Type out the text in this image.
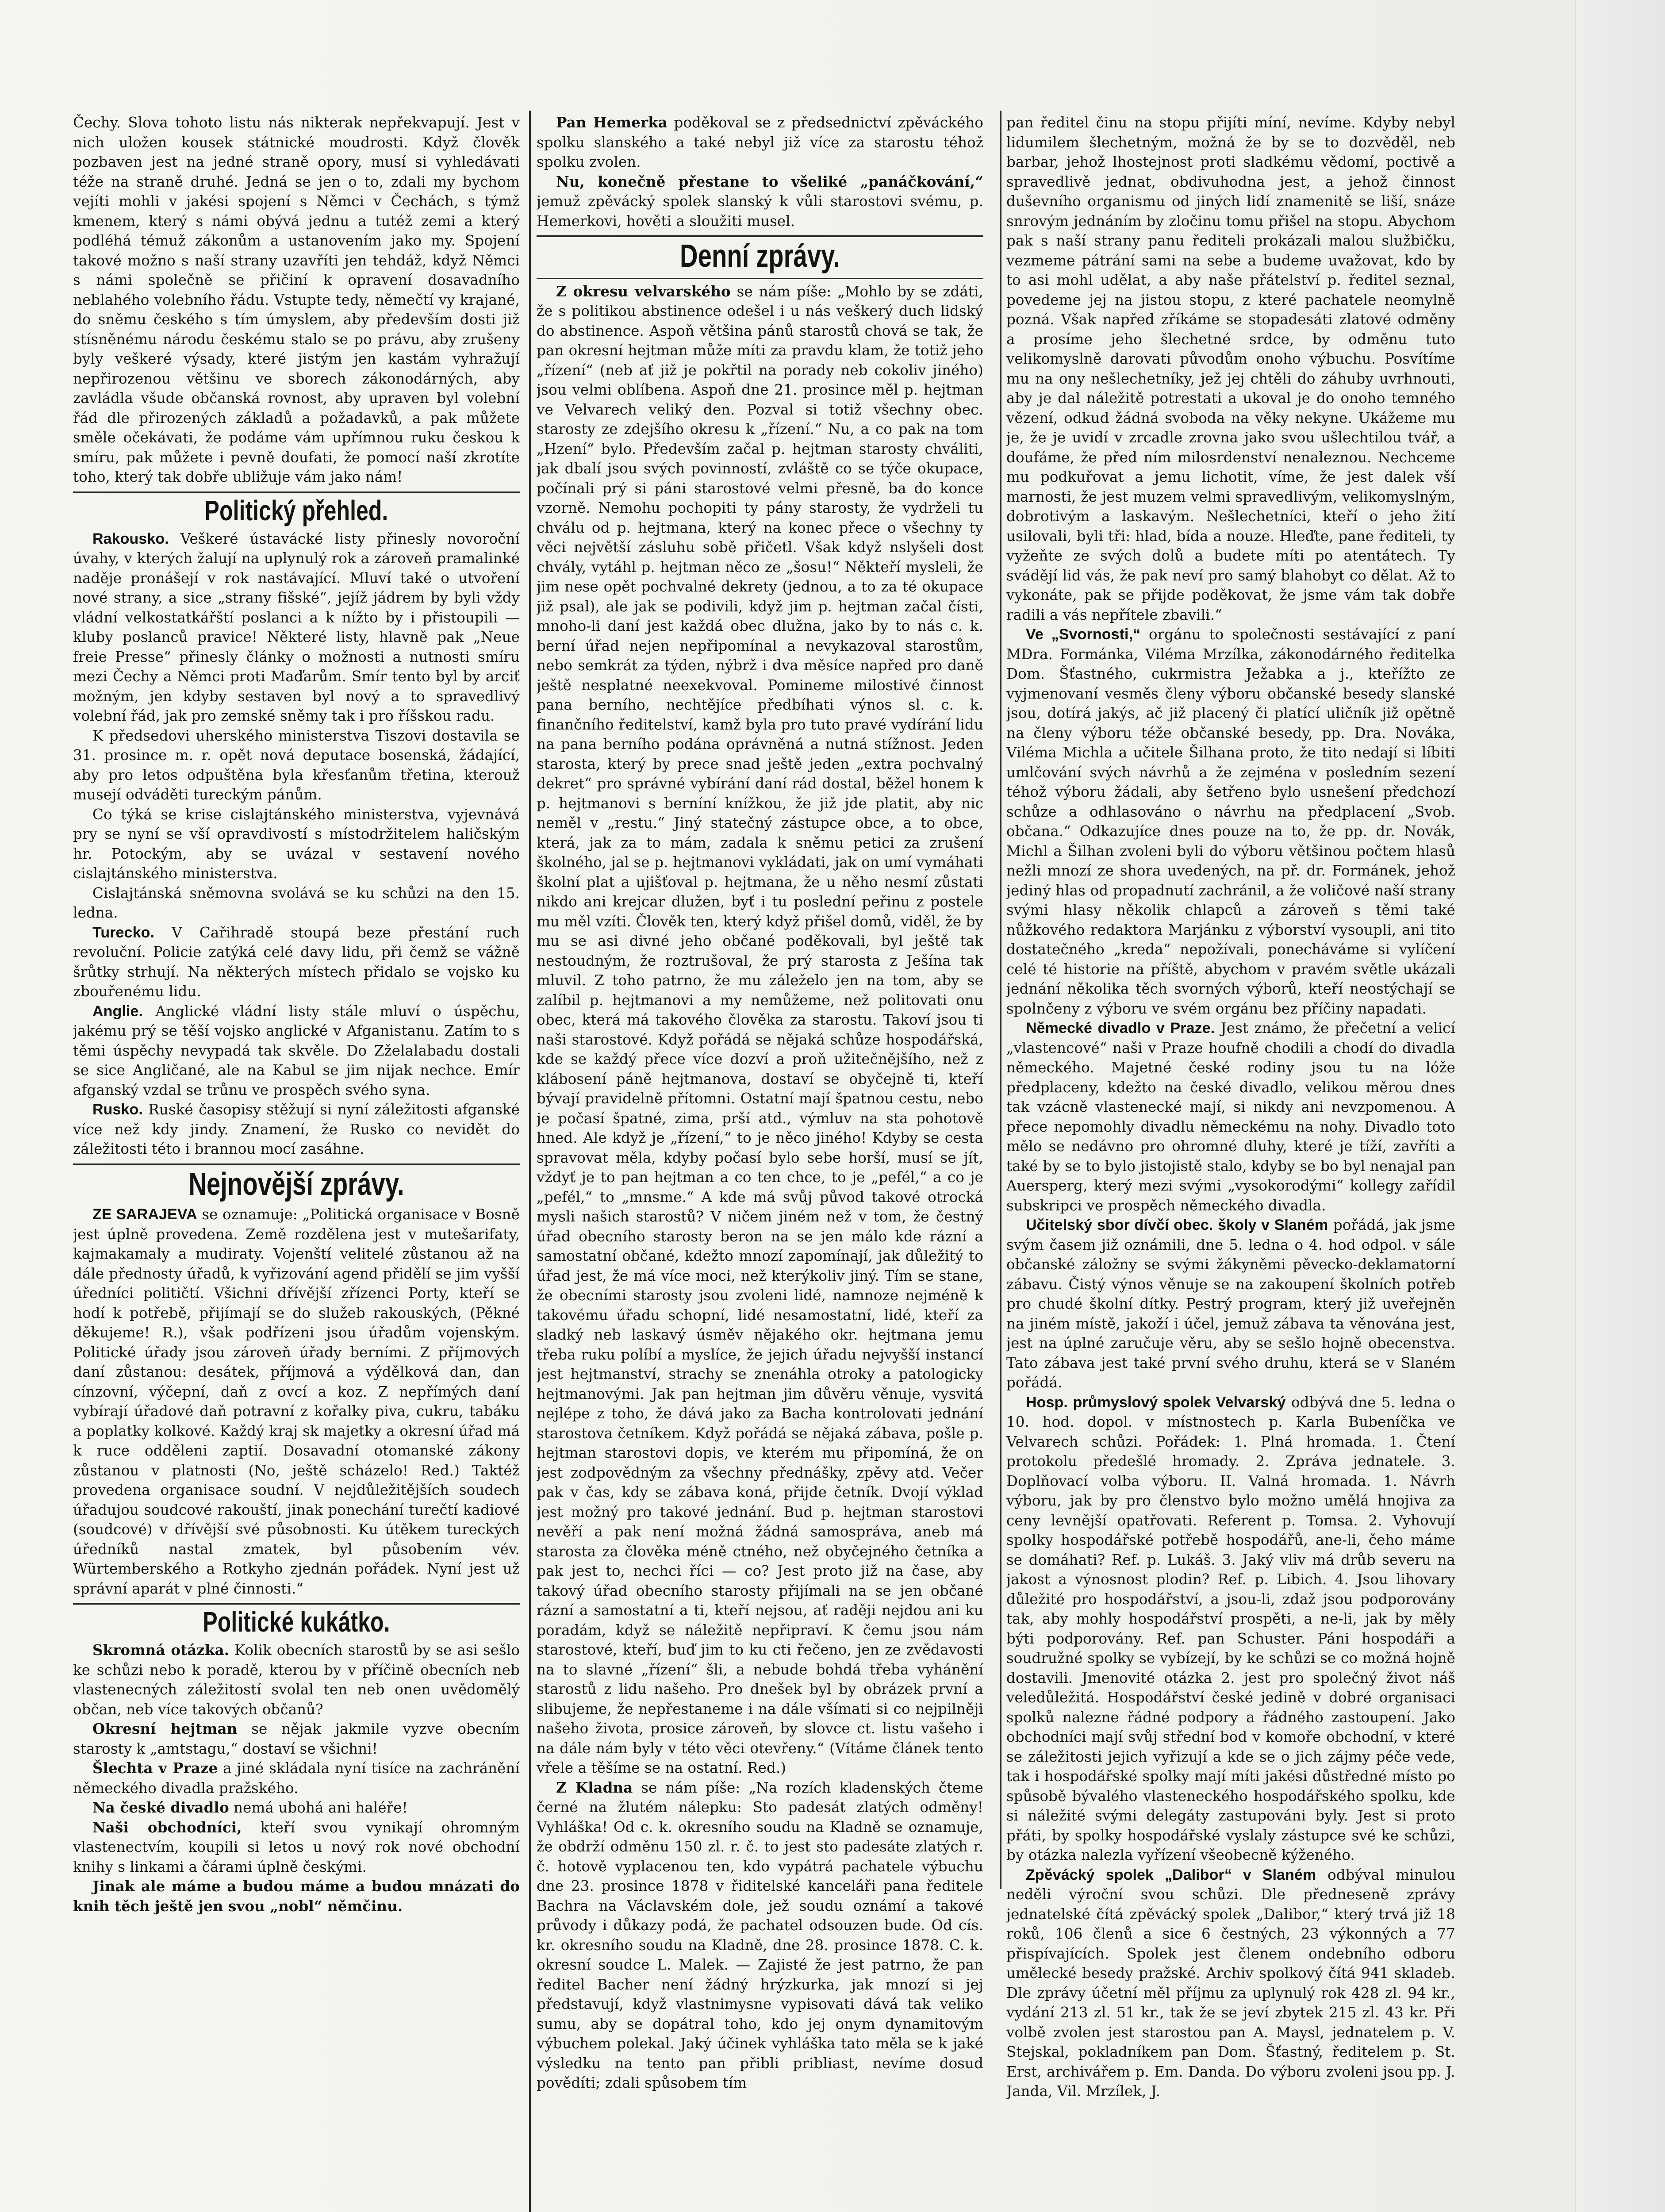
Čechy. Slova tohoto listu nás nikterak nepřekvapují. Jest v nich uložen kousek státnické moudrosti. Když člověk pozbaven jest na jedné straně opory, musí si vyhledávati téže na straně druhé. Jedná se jen o to, zdali my bychom vejíti mohli v jakési spojení s Němci v Čechách, s týmž kmenem, který s námi obývá jednu a tutéž zemi a který podléhá témuž zákonům a ustanovením jako my. Spojení takové možno s naší strany uzavříti jen tehdáž, když Němci s námi společně se přičiní k opravení dosavadního neblahého volebního řádu. Vstupte tedy, němečtí vy krajané, do sněmu českého s tím úmyslem, aby především dosti již stísněnému národu českému stalo se po právu, aby zrušeny byly veškeré výsady, které jistým jen kastám vyhražují nepřirozenou většinu ve sborech zákonodárných, aby zavládla všude občanská rovnost, aby upraven byl volební řád dle přirozených základů a požadavků, a pak můžete směle očekávati, že podáme vám upřímnou ruku českou k smíru, pak můžete i pevně doufati, že pomocí naší zkrotíte toho, který tak dobře ubližuje vám jako nám!

Politický přehled.

Rakousko. Veškeré ústavácké listy přinesly novoroční úvahy, v kterých žalují na uplynulý rok a zároveň pramalinké naděje pronášejí v rok nastávající. Mluví také o utvoření nové strany, a sice „strany fišské“, jejíž jádrem by byli vždy vládní velkostatkářští poslanci a k nížto by i přistoupili — kluby poslanců pravice! Některé listy, hlavně pak „Neue freie Presse“ přinesly články o možnosti a nutnosti smíru mezi Čechy a Němci proti Maďarům. Smír tento byl by arciť možným, jen kdyby sestaven byl nový a to spravedlivý volební řád, jak pro zemské sněmy tak i pro říšskou radu.

K předsedovi uherského ministerstva Tiszovi dostavila se 31. prosince m. r. opět nová deputace bosenská, žádající, aby pro letos odpuštěna byla křesťanům třetina, kterouž musejí odváděti tureckým pánům.

Co týká se krise cislajtánského ministerstva, vyjevnává pry se nyní se vší opravdivostí s místodržitelem haličským hr. Potockým, aby se uvázal v sestavení nového cislajtánského ministerstva.

Cislajtánská sněmovna svolává se ku schůzi na den 15. ledna.

Turecko. V Cařihradě stoupá beze přestání ruch revoluční. Policie zatýká celé davy lidu, při čemž se vážně šrůtky strhují. Na některých místech přidalo se vojsko ku zbouřenému lidu.

Anglie. Anglické vládní listy stále mluví o úspěchu, jakému prý se těší vojsko anglické v Afganistanu. Zatím to s těmi úspěchy nevypadá tak skvěle. Do Zželalabadu dostali se sice Angličané, ale na Kabul se jim nijak nechce. Emír afganský vzdal se trůnu ve prospěch svého syna.

Rusko. Ruské časopisy stěžují si nyní záležitosti afganské více než kdy jindy. Znamení, že Rusko co nevidět do záležitosti této i brannou mocí zasáhne.

Nejnovější zprávy.

ZE SARAJEVA se oznamuje: „Politická organisace v Bosně jest úplně provedena. Země rozdělena jest v mutešarifaty, kajmakamaly a mudiraty. Vojenští velitelé zůstanou až na dále přednosty úřadů, k vyřizování agend přidělí se jim vyšší úředníci političtí. Všichni dřívější zřízenci Porty, kteří se hodí k potřebě, přijímají se do služeb rakouských, (Pěkné děkujeme! R.), však podřízeni jsou úřadům vojenským. Politické úřady jsou zároveň úřady berními. Z příjmových daní zůstanou: desátek, příjmová a výdělková dan, dan cínzovní, výčepní, daň z ovcí a koz. Z nepřímých daní vybírají úřadové daň potravní z kořalky piva, cukru, tabáku a poplatky kolkové. Každý kraj sk majetky a okresní úřad má k ruce odděleni zaptií. Dosavadní otomanské zákony zůstanou v platnosti (No, ještě scházelo! Red.) Taktéž provedena organisace soudní. V nejdůležitějších soudech úřadujou soudcové rakouští, jinak ponechání turečtí kadiové (soudcové) v dřívější své působnosti. Ku útěkem tureckých úředníků nastal zmatek, byl působením vév. Würtemberského a Rotkyho zjednán pořádek. Nyní jest už správní aparát v plné činnosti.“

Politické kukátko.

Skromná otázka. Kolik obecních starostů by se asi sešlo ke schůzi nebo k poradě, kterou by v příčině obecních neb vlastenecných záležitostí svolal ten neb onen uvědomělý občan, neb více takových občanů?

Okresní hejtman se nějak jakmile vyzve obecním starosty k „amtstagu,“ dostaví se všichni!

Šlechta v Praze a jiné skládala nyní tisíce na zachránění německého divadla pražského.

Na české divadlo nemá ubohá ani haléře!

Naši obchodníci, kteří svou vynikají ohromným vlastenectvím, koupili si letos u nový rok nové obchodní knihy s linkami a čárami úplně českými.

Jinak ale máme a budou máme a budou mnázati do knih těch ještě jen svou „nobl“ němčinu.

Pan Hemerka poděkoval se z předsednictví zpěváckého spolku slanského a také nebyl již více za starostu téhož spolku zvolen.

Nu, konečně přestane to všeliké „panáčkování,“ jemuž zpěvácký spolek slanský k vůli starostovi svému, p. Hemerkovi, hověti a sloužiti musel.

Denní zprávy.

Z okresu velvarského se nám píše: „Mohlo by se zdáti, že s politikou abstinence odešel i u nás veškerý duch lidský do abstinence. Aspoň většina pánů starostů chová se tak, že pan okresní hejtman může míti za pravdu klam, že totiž jeho „řízení“ (neb ať již je pokřtil na porady neb cokoliv jiného) jsou velmi oblíbena. Aspoň dne 21. prosince měl p. hejtman ve Velvarech veliký den. Pozval si totiž všechny obec. starosty ze zdejšího okresu k „řízení.“ Nu, a co pak na tom „Hzení“ bylo. Především začal p. hejtman starosty chváliti, jak dbalí jsou svých povinností, zvláště co se týče okupace, počínali prý si páni starostové velmi přesně, ba do konce vzorně. Nemohu pochopiti ty pány starosty, že vydrželi tu chválu od p. hejtmana, který na konec přece o všechny ty věci největší zásluhu sobě přičetl. Však když nslyšeli dost chvály, vytáhl p. hejtman něco ze „šosu!“ Někteří mysleli, že jim nese opět pochvalné dekrety (jednou, a to za té okupace již psal), ale jak se podivili, když jim p. hejtman začal čísti, mnoho-li daní jest každá obec dlužna, jako by to nás c. k. berní úřad nejen nepřipomínal a nevykazoval starostům, nebo semkrát za týden, nýbrž i dva měsíce napřed pro daně ještě nesplatné neexekvoval. Pomineme milostivé činnost pana berního, nechtějíce předbíhati výnos sl. c. k. finančního ředitelství, kamž byla pro tuto pravé vydírání lidu na pana berního podána oprávněná a nutná stížnost. Jeden starosta, který by prece snad ještě jeden „extra pochvalný dekret“ pro správné vybírání daní rád dostal, běžel honem k p. hejtmanovi s berníní knížkou, že již jde platit, aby nic neměl v „restu.“ Jiný statečný zástupce obce, a to obce, která, jak za to mám, zadala k sněmu petici za zrušení školného, jal se p. hejtmanovi vykládati, jak on umí vymáhati školní plat a ujišťoval p. hejtmana, že u něho nesmí zůstati nikdo ani krejcar dlužen, byť i tu poslední peřinu z postele mu měl vzíti. Člověk ten, který když přišel domů, viděl, že by mu se asi divné jeho občané poděkovali, byl ještě tak nestoudným, že roztrušoval, že prý starosta z Ješína tak mluvil. Z toho patrno, že mu záleželo jen na tom, aby se zalíbil p. hejtmanovi a my nemůžeme, než politovati onu obec, která má takového člověka za starostu. Takoví jsou ti naši starostové. Když pořádá se nějaká schůze hospodářská, kde se každý přece více dozví a proň užitečnějšího, než z klábosení páně hejtmanova, dostaví se obyčejně ti, kteří bývají pravidelně přítomni. Ostatní mají špatnou cestu, nebo je počasí špatné, zima, prší atd., výmluv na sta pohotově hned. Ale když je „řízení,“ to je něco jiného! Kdyby se cesta spravovat měla, kdyby počasí bylo sebe horší, musí se jít, vždyť je to pan hejtman a co ten chce, to je „pefél,“ a co je „pefél,“ to „mnsme.“ A kde má svůj původ takové otrocká mysli našich starostů? V ničem jiném než v tom, že čestný úřad obecního starosty beron na se jen málo kde rázní a samostatní občané, kdežto mnozí zapomínají, jak důležitý to úřad jest, že má více moci, než kterýkoliv jiný. Tím se stane, že obecními starosty jsou zvoleni lidé, namnoze nejméně k takovému úřadu schopní, lidé nesamostatní, lidé, kteří za sladký neb laskavý úsměv nějakého okr. hejtmana jemu třeba ruku políbí a myslíce, že jejich úřadu nejvyšší instancí jest hejtmanství, strachy se znenáhla otroky a patologicky hejtmanovými. Jak pan hejtman jim důvěru věnuje, vysvitá nejlépe z toho, že dává jako za Bacha kontrolovati jednání starostova četníkem. Když pořádá se nějaká zábava, pošle p. hejtman starostovi dopis, ve kterém mu připomíná, že on jest zodpovědným za všechny přednášky, zpěvy atd. Večer pak v čas, kdy se zábava koná, přijde četník. Dvojí výklad jest možný pro takové jednání. Bud p. hejtman starostovi nevěří a pak není možná žádná samospráva, aneb má starosta za člověka méně ctného, než obyčejného četníka a pak jest to, nechci říci — co? Jest proto již na čase, aby takový úřad obecního starosty přijímali na se jen občané rázní a samostatní a ti, kteří nejsou, ať raději nejdou ani ku poradám, když se náležitě nepřipraví. K čemu jsou nám starostové, kteří, buď jim to ku cti řečeno, jen ze zvědavosti na to slavné „řízení“ šli, a nebude bohdá třeba vyhánění starostů z lidu našeho. Pro dnešek byl by obrázek první a slibujeme, že nepřestaneme i na dále všímati si co nejpilněji našeho života, prosice zároveň, by slovce ct. listu vašeho i na dále nám byly v této věci otevřeny.“ (Vítáme článek tento vřele a těšíme se na ostatní. Red.)

Z Kladna se nám píše: „Na rozích kladenských čteme černé na žlutém nálepku: Sto padesát zlatých odměny! Vyhláška! Od c. k. okresního soudu na Kladně se oznamuje, že obdrží odměnu 150 zl. r. č. to jest sto padesáte zlatých r. č. hotově vyplacenou ten, kdo vypátrá pachatele výbuchu dne 23. prosince 1878 v řiditelské kanceláři pana ředitele Bachra na Václavském dole, jež soudu oznámí a takové průvody i důkazy podá, že pachatel odsouzen bude. Od cís. kr. okresního soudu na Kladně, dne 28. prosince 1878. C. k. okresní soudce L. Malek. — Zajisté že jest patrno, že pan ředitel Bacher není žádný hrýzkurka, jak mnozí si jej představují, když vlastnimysne vypisovati dává tak veliko sumu, aby se dopátral toho, kdo jej onym dynamitovým výbuchem polekal. Jaký účinek vyhláška tato měla se k jaké výsledku na tento pan přibli pribliast, nevíme dosud povědíti; zdali spůsobem tím

pan ředitel činu na stopu přijíti míní, nevíme. Kdyby nebyl lidumilem šlechetným, možná že by se to dozvěděl, neb barbar, jehož lhostejnost proti sladkému vědomí, poctivě a spravedlivě jednat, obdivuhodna jest, a jehož činnost duševního organismu od jiných lidí znamenitě se liší, snáze snrovým jednáním by zločinu tomu přišel na stopu. Abychom pak s naší strany panu řediteli prokázali malou službičku, vezmeme pátrání sami na sebe a budeme uvažovat, kdo by to asi mohl udělat, a aby naše přátelství p. ředitel seznal, povedeme jej na jistou stopu, z které pachatele neomylně pozná. Však napřed zříkáme se stopadesáti zlatové odměny a prosíme jeho šlechetné srdce, by odměnu tuto velikomyslně darovati původům onoho výbuchu. Posvítíme mu na ony nešlechetníky, jež jej chtěli do záhuby uvrhnouti, aby je dal náležitě potrestati a ukoval je do onoho temného vězení, odkud žádná svoboda na věky nekyne. Ukážeme mu je, že je uvidí v zrcadle zrovna jako svou ušlechtilou tvář, a doufáme, že před ním milosrdenství nenaleznou. Nechceme mu podkuřovat a jemu lichotit, víme, že jest dalek vší marnosti, že jest muzem velmi spravedlivým, velikomyslným, dobrotivým a laskavým. Nešlechetníci, kteří o jeho žití usilovali, byli tři: hlad, bída a nouze. Hleďte, pane řediteli, ty vyžeňte ze svých dolů a budete míti po atentátech. Ty svádějí lid vás, že pak neví pro samý blahobyt co dělat. Až to vykonáte, pak se přijde poděkovat, že jsme vám tak dobře radili a vás nepřítele zbavili.“

Ve „Svornosti,“ orgánu to společnosti sestávající z paní MDra. Formánka, Viléma Mrzílka, zákonodárného ředitelka Dom. Šťastného, cukrmistra Ježabka a j., kteřížto ze vyjmenovaní vesměs členy výboru občanské besedy slanské jsou, dotírá jakýs, ač již placený či platící uličník již opětně na členy výboru téže občanské besedy, pp. Dra. Nováka, Viléma Michla a učitele Šilhana proto, že tito nedají si líbiti umlčování svých návrhů a že zejména v posledním sezení téhož výboru žádali, aby šetřeno bylo usnešení předchozí schůze a odhlasováno o návrhu na předplacení „Svob. občana.“ Odkazujíce dnes pouze na to, že pp. dr. Novák, Michl a Šilhan zvoleni byli do výboru většinou počtem hlasů nežli mnozí ze shora uvedených, na př. dr. Formánek, jehož jediný hlas od propadnutí zachránil, a že voličové naší strany svými hlasy několik chlapců a zároveň s těmi také nůžkového redaktora Marjánku z výborství vysoupli, ani tito dostatečného „kreda“ nepožívali, ponecháváme si vylíčení celé té historie na příště, abychom v pravém světle ukázali jednání několika těch svorných výborů, kteří neostýchají se spolnčeny z výboru ve svém orgánu bez příčiny napadati.

Německé divadlo v Praze. Jest známo, že přečetní a velicí „vlastencové“ naši v Praze houfně chodili a chodí do divadla německého. Majetné české rodiny jsou tu na lóže předplaceny, kdežto na české divadlo, velikou měrou dnes tak vzácně vlastenecké mají, si nikdy ani nevzpomenou. A přece nepomohly divadlu německému na nohy. Divadlo toto mělo se nedávno pro ohromné dluhy, které je tíží, zavříti a také by se to bylo jistojistě stalo, kdyby se bo byl nenajal pan Auersperg, který mezi svými „vysokorodými“ kollegy zařídil subskripci ve prospěch německého divadla.

Učitelský sbor dívčí obec. školy v Slaném pořádá, jak jsme svým časem již oznámili, dne 5. ledna o 4. hod odpol. v sále občanské záložny se svými žákyněmi pěvecko-deklamatorní zábavu. Čistý výnos věnuje se na zakoupení školních potřeb pro chudé školní dítky. Pestrý program, který již uveřejněn na jiném místě, jakoží i účel, jemuž zábava ta věnována jest, jest na úplné zaručuje věru, aby se sešlo hojně obecenstva. Tato zábava jest také první svého druhu, která se v Slaném pořádá.

Hosp. průmyslový spolek Velvarský odbývá dne 5. ledna o 10. hod. dopol. v místnostech p. Karla Bubeníčka ve Velvarech schůzi. Pořádek: 1. Plná hromada. 1. Čtení protokolu předešlé hromady. 2. Zpráva jednatele. 3. Doplňovací volba výboru. II. Valná hromada. 1. Návrh výboru, jak by pro členstvo bylo možno umělá hnojiva za ceny levnější opatřovati. Referent p. Tomsa. 2. Vyhovují spolky hospodářské potřebě hospodářů, ane-li, čeho máme se domáhati? Ref. p. Lukáš. 3. Jaký vliv má drůb severu na jakost a výnosnost plodin? Ref. p. Libich. 4. Jsou lihovary důležité pro hospodářství, a jsou-li, zdaž jsou podporovány tak, aby mohly hospodářství prospěti, a ne-li, jak by měly býti podporovány. Ref. pan Schuster. Páni hospodáři a soudružné spolky se vybízejí, by ke schůzi se co možná hojně dostavili. Jmenovité otázka 2. jest pro společný život náš veledůležitá. Hospodářství české jedině v dobré organisaci spolků nalezne řádné podpory a řádného zastoupení. Jako obchodníci mají svůj střední bod v komoře obchodní, v které se záležitosti jejich vyřizují a kde se o jich zájmy péče vede, tak i hospodářské spolky mají míti jakési důstředné místo po spůsobě bývalého vlasteneckého hospodářského spolku, kde si náležité svými delegáty zastupováni byly. Jest si proto přáti, by spolky hospodářské vyslaly zástupce své ke schůzi, by otázka nalezla vyřízení všeobecně kýženého.

Zpěvácký spolek „Dalibor“ v Slaném odbýval minulou neděli výroční svou schůzi. Dle předneseně zprávy jednatelské čítá zpěvácký spolek „Dalibor,“ který trvá již 18 roků, 106 členů a sice 6 čestných, 23 výkonných a 77 přispívajících. Spolek jest členem ondebního odboru umělecké besedy pražské. Archiv spolkový čítá 941 skladeb. Dle zprávy účetní měl příjmu za uplynulý rok 428 zl. 94 kr., vydání 213 zl. 51 kr., tak že se jeví zbytek 215 zl. 43 kr. Při volbě zvolen jest starostou pan A. Maysl, jednatelem p. V. Stejskal, pokladníkem pan Dom. Šťastný, ředitelem p. St. Erst, archivářem p. Em. Danda. Do výboru zvoleni jsou pp. J. Janda, Vil. Mrzílek, J.
